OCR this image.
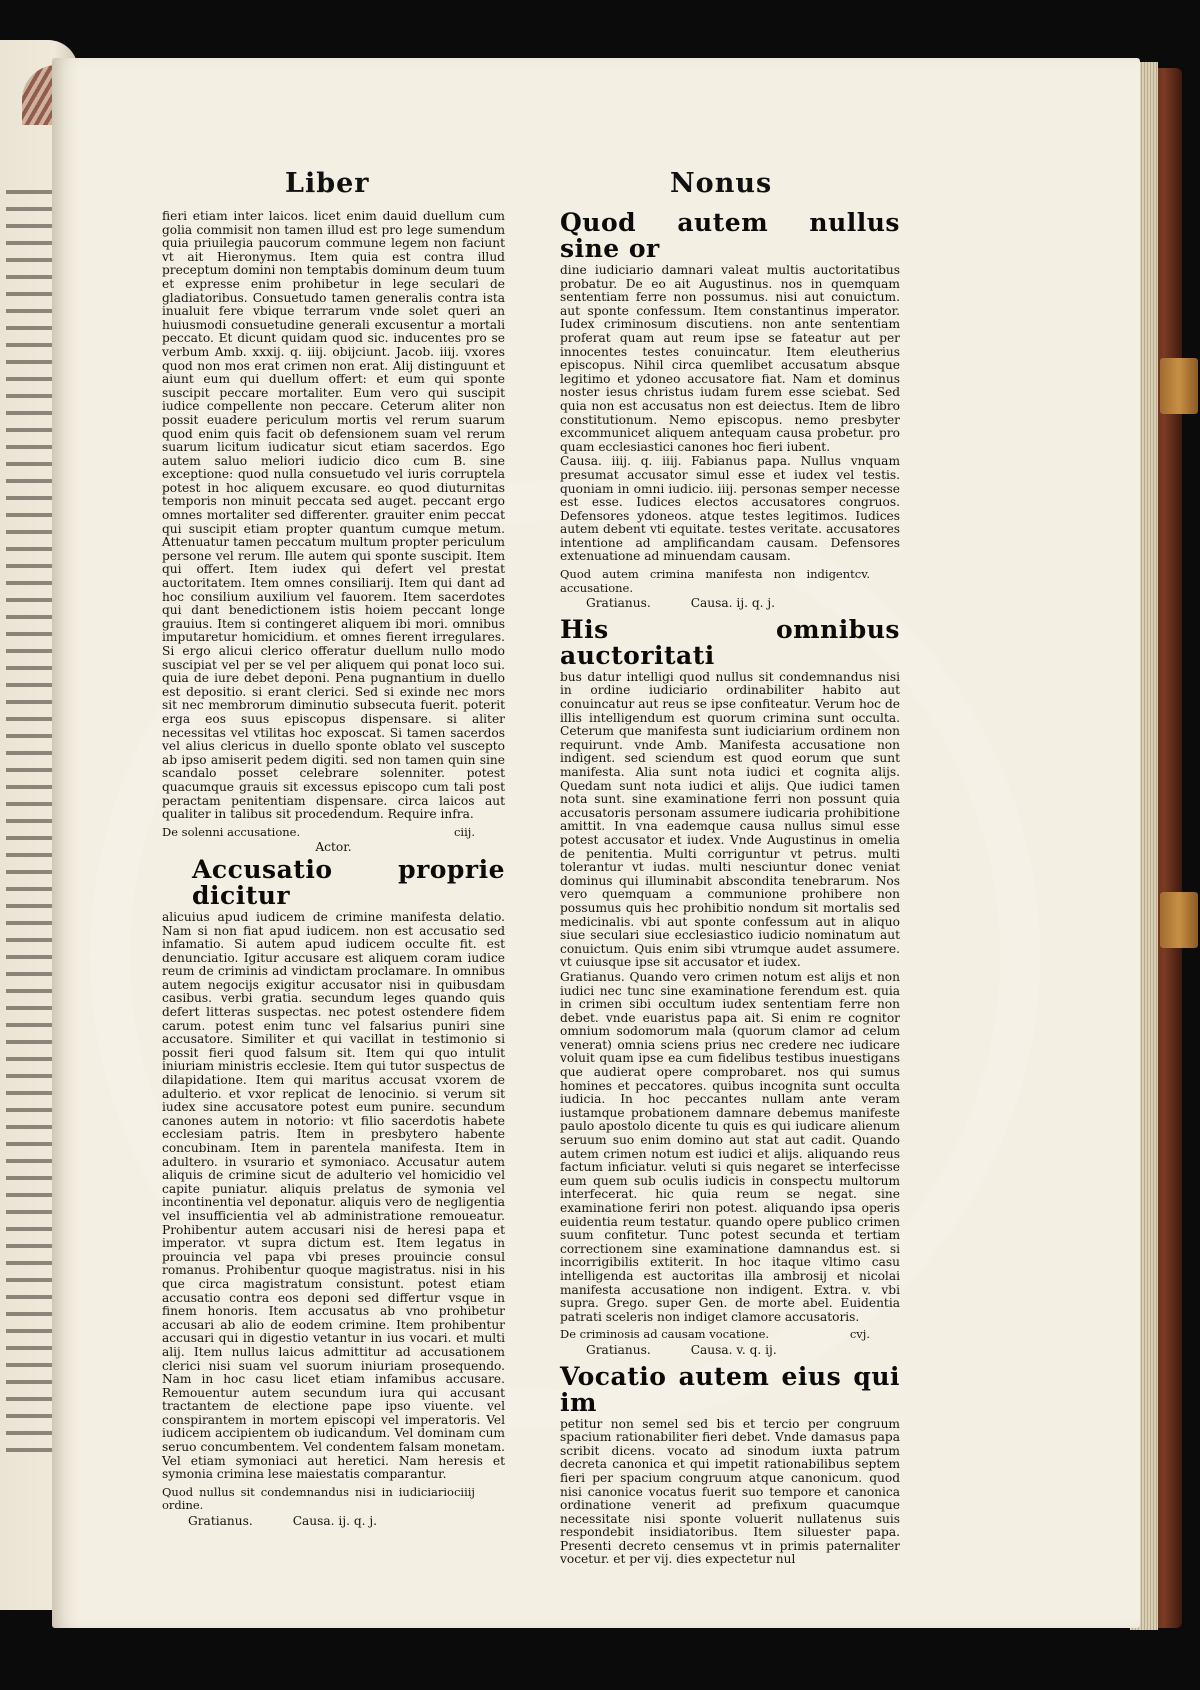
Liber	Nonus

fieri etiam inter laicos. licet enim dauid duellum cum golia commisit non tamen illud est pro lege sumendum quia priuilegia paucorum commune legem non faciunt vt ait Hieronymus. Item quia est contra illud preceptum domini non temptabis dominum deum tuum et expresse enim prohibetur in lege seculari de gladiatoribus. Consuetudo tamen generalis contra ista inualuit fere vbique terrarum vnde solet queri an huiusmodi consuetudine generali excusentur a mortali peccato. Et dicunt quidam quod sic. inducentes pro se verbum Amb. xxxij. q. iiij. obijciunt. Jacob. iiij. vxores quod non mos erat crimen non erat. Alij distinguunt et aiunt eum qui duellum offert: et eum qui sponte suscipit peccare mortaliter. Eum vero qui suscipit iudice compellente non peccare. Ceterum aliter non possit euadere periculum mortis vel rerum suarum quod enim quis facit ob defensionem suam vel rerum suarum licitum iudicatur sicut etiam sacerdos. Ego autem saluo meliori iudicio dico cum B. sine exceptione: quod nulla consuetudo vel iuris corruptela potest in hoc aliquem excusare. eo quod diuturnitas temporis non minuit peccata sed auget. peccant ergo omnes mortaliter sed differenter. grauiter enim peccat qui suscipit etiam propter quantum cumque metum. Attenuatur tamen peccatum multum propter periculum persone vel rerum. Ille autem qui sponte suscipit. Item qui offert. Item iudex qui defert vel prestat auctoritatem. Item omnes consiliarij. Item qui dant ad hoc consilium auxilium vel fauorem. Item sacerdotes qui dant benedictionem istis hoiem peccant longe grauius. Item si contingeret aliquem ibi mori. omnibus imputaretur homicidium. et omnes fierent irregulares. Si ergo alicui clerico offeratur duellum nullo modo suscipiat vel per se vel per aliquem qui ponat loco sui. quia de iure debet deponi. Pena pugnantium in duello est depositio. si erant clerici. Sed si exinde nec mors sit nec membrorum diminutio subsecuta fuerit. poterit erga eos suus episcopus dispensare. si aliter necessitas vel vtilitas hoc exposcat. Si tamen sacerdos vel alius clericus in duello sponte oblato vel suscepto ab ipso amiserit pedem digiti. sed non tamen quin sine scandalo posset celebrare solenniter. potest quacumque grauis sit excessus episcopo cum tali post peractam penitentiam dispensare. circa laicos aut qualiter in talibus sit procedendum. Require infra.

De solenni accusatione.	ciij.
Actor.
Accusatio proprie dicitur

alicuius apud iudicem de crimine manifesta delatio. Nam si non fiat apud iudicem. non est accusatio sed infamatio. Si autem apud iudicem occulte fit. est denunciatio. Igitur accusare est aliquem coram iudice reum de criminis ad vindictam proclamare. In omnibus autem negocijs exigitur accusator nisi in quibusdam casibus. verbi gratia. secundum leges quando quis defert litteras suspectas. nec potest ostendere fidem carum. potest enim tunc vel falsarius puniri sine accusatore. Similiter et qui vacillat in testimonio si possit fieri quod falsum sit. Item qui quo intulit iniuriam ministris ecclesie. Item qui tutor suspectus de dilapidatione. Item qui maritus accusat vxorem de adulterio. et vxor replicat de lenocinio. si verum sit iudex sine accusatore potest eum punire. secundum canones autem in notorio: vt filio sacerdotis habete ecclesiam patris. Item in presbytero habente concubinam. Item in parentela manifesta. Item in adultero. in vsurario et symoniaco. Accusatur autem aliquis de crimine sicut de adulterio vel homicidio vel capite puniatur. aliquis prelatus de symonia vel incontinentia vel deponatur. aliquis vero de negligentia vel insufficientia vel ab administratione remoueatur. Prohibentur autem accusari nisi de heresi papa et imperator. vt supra dictum est. Item legatus in prouincia vel papa vbi preses prouincie consul romanus. Prohibentur quoque magistratus. nisi in his que circa magistratum consistunt. potest etiam accusatio contra eos deponi sed differtur vsque in finem honoris. Item accusatus ab vno prohibetur accusari ab alio de eodem crimine. Item prohibentur accusari qui in digestio vetantur in ius vocari. et multi alij. Item nullus laicus admittitur ad accusationem clerici nisi suam vel suorum iniuriam prosequendo. Nam in hoc casu licet etiam infamibus accusare. Remouentur autem secundum iura qui accusant tractantem de electione pape ipso viuente. vel conspirantem in mortem episcopi vel imperatoris. Vel iudicem accipientem ob iudicandum. Vel dominam cum seruo concumbentem. Vel condentem falsam monetam. Vel etiam symoniaci aut heretici. Nam heresis et symonia crimina lese maiestatis comparantur.

Quod nullus sit condemnandus nisi in iudiciario ordine.
ciiij
Gratianus.	Causa. ij. q. j.
Quod autem nullus sine or

dine iudiciario damnari valeat multis auctoritatibus probatur. De eo ait Augustinus. nos in quemquam sententiam ferre non possumus. nisi aut conuictum. aut sponte confessum. Item constantinus imperator. Iudex criminosum discutiens. non ante sententiam proferat quam aut reum ipse se fateatur aut per innocentes testes conuincatur. Item eleutherius episcopus. Nihil circa quemlibet accusatum absque legitimo et ydoneo accusatore fiat. Nam et dominus noster iesus christus iudam furem esse sciebat. Sed quia non est accusatus non est deiectus. Item de libro constitutionum. Nemo episcopus. nemo presbyter excommunicet aliquem antequam causa probetur. pro quam ecclesiastici canones hoc fieri iubent.

Causa. iiij. q. iiij. Fabianus papa. Nullus vnquam presumat accusator simul esse et iudex vel testis. quoniam in omni iudicio. iiij. personas semper necesse est esse. Iudices electos accusatores congruos. Defensores ydoneos. atque testes legitimos. Iudices autem debent vti equitate. testes veritate. accusatores intentione ad amplificandam causam. Defensores extenuatione ad minuendam causam.

Quod autem crimina manifesta non indigent accusatione.
cv.
Gratianus.	Causa. ij. q. j.
His omnibus auctoritati

bus datur intelligi quod nullus sit condemnandus nisi in ordine iudiciario ordinabiliter habito aut conuincatur aut reus se ipse confiteatur. Verum hoc de illis intelligendum est quorum crimina sunt occulta. Ceterum que manifesta sunt iudiciarium ordinem non requirunt. vnde Amb. Manifesta accusatione non indigent. sed sciendum est quod eorum que sunt manifesta. Alia sunt nota iudici et cognita alijs. Quedam sunt nota iudici et alijs. Que iudici tamen nota sunt. sine examinatione ferri non possunt quia accusatoris personam assumere iudicaria prohibitione amittit. In vna eademque causa nullus simul esse potest accusator et iudex. Vnde Augustinus in omelia de penitentia. Multi corriguntur vt petrus. multi tolerantur vt iudas. multi nesciuntur donec veniat dominus qui illuminabit abscondita tenebrarum. Nos vero quemquam a communione prohibere non possumus quis hec prohibitio nondum sit mortalis sed medicinalis. vbi aut sponte confessum aut in aliquo siue seculari siue ecclesiastico iudicio nominatum aut conuictum. Quis enim sibi vtrumque audet assumere. vt cuiusque ipse sit accusator et iudex.

Gratianus. Quando vero crimen notum est alijs et non iudici nec tunc sine examinatione ferendum est. quia in crimen sibi occultum iudex sententiam ferre non debet. vnde euaristus papa ait. Si enim re cognitor omnium sodomorum mala (quorum clamor ad celum venerat) omnia sciens prius nec credere nec iudicare voluit quam ipse ea cum fidelibus testibus inuestigans que audierat opere comprobaret. nos qui sumus homines et peccatores. quibus incognita sunt occulta iudicia. In hoc peccantes nullam ante veram iustamque probationem damnare debemus manifeste paulo apostolo dicente tu quis es qui iudicare alienum seruum suo enim domino aut stat aut cadit. Quando autem crimen notum est iudici et alijs. aliquando reus factum inficiatur. veluti si quis negaret se interfecisse eum quem sub oculis iudicis in conspectu multorum interfecerat. hic quia reum se negat. sine examinatione feriri non potest. aliquando ipsa operis euidentia reum testatur. quando opere publico crimen suum confitetur. Tunc potest secunda et tertiam correctionem sine examinatione damnandus est. si incorrigibilis extiterit. In hoc itaque vltimo casu intelligenda est auctoritas illa ambrosij et nicolai manifesta accusatione non indigent. Extra. v. vbi supra. Grego. super Gen. de morte abel. Euidentia patrati sceleris non indiget clamore accusatoris.

De criminosis ad causam vocatione.	cvj.
Gratianus.	Causa. v. q. ij.
Vocatio autem eius qui im

petitur non semel sed bis et tercio per congruum spacium rationabiliter fieri debet. Vnde damasus papa scribit dicens. vocato ad sinodum iuxta patrum decreta canonica et qui impetit rationabilibus septem fieri per spacium congruum atque canonicum. quod nisi canonice vocatus fuerit suo tempore et canonica ordinatione venerit ad prefixum quacumque necessitate nisi sponte voluerit nullatenus suis respondebit insidiatoribus. Item siluester papa. Presenti decreto censemus vt in primis paternaliter vocetur. et per vij. dies expectetur nul
